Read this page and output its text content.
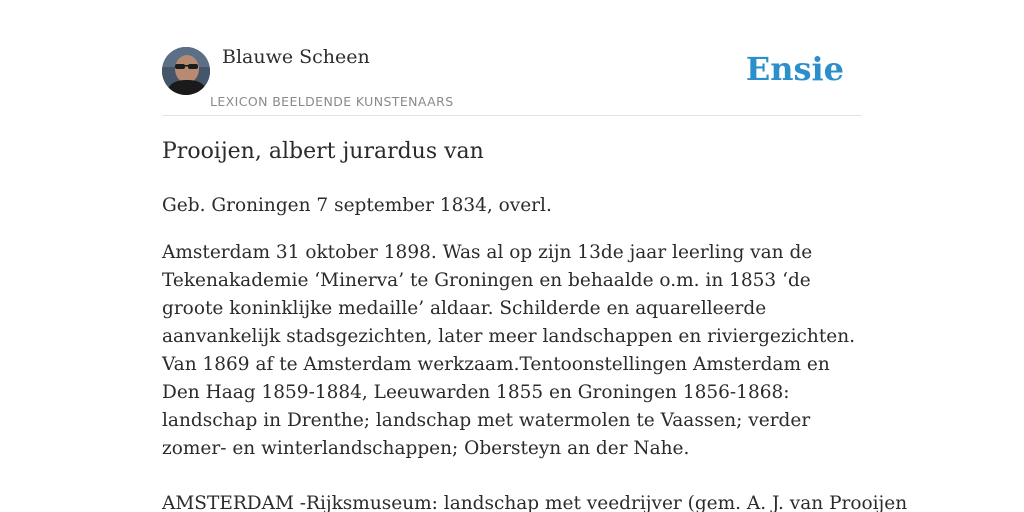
Blauwe Scheen
LEXICON BEELDENDE KUNSTENAARS
Ensie
Prooijen, albert jurardus van

Geb. Groningen 7 september 1834, overl.

Amsterdam 31 oktober 1898. Was al op zijn 13de jaar leerling van de Tekenakademie ‘Minerva’ te Groningen en behaalde o.m. in 1853 ‘de groote koninklijke medaille’ aldaar. Schilderde en aquarelleerde aanvankelijk stadsgezichten, later meer landschappen en riviergezichten. Van 1869 af te Amsterdam werkzaam.Tentoonstellingen Amsterdam en Den Haag 1859-1884, Leeuwarden 1855 en Groningen 1856-1868: landschap in Drenthe; landschap met watermolen te Vaassen; verder zomer- en winterlandschappen; Obersteyn an der Nahe.

AMSTERDAM -Rijksmuseum: landschap met veedrijver (gem. A. J. van Prooijen
